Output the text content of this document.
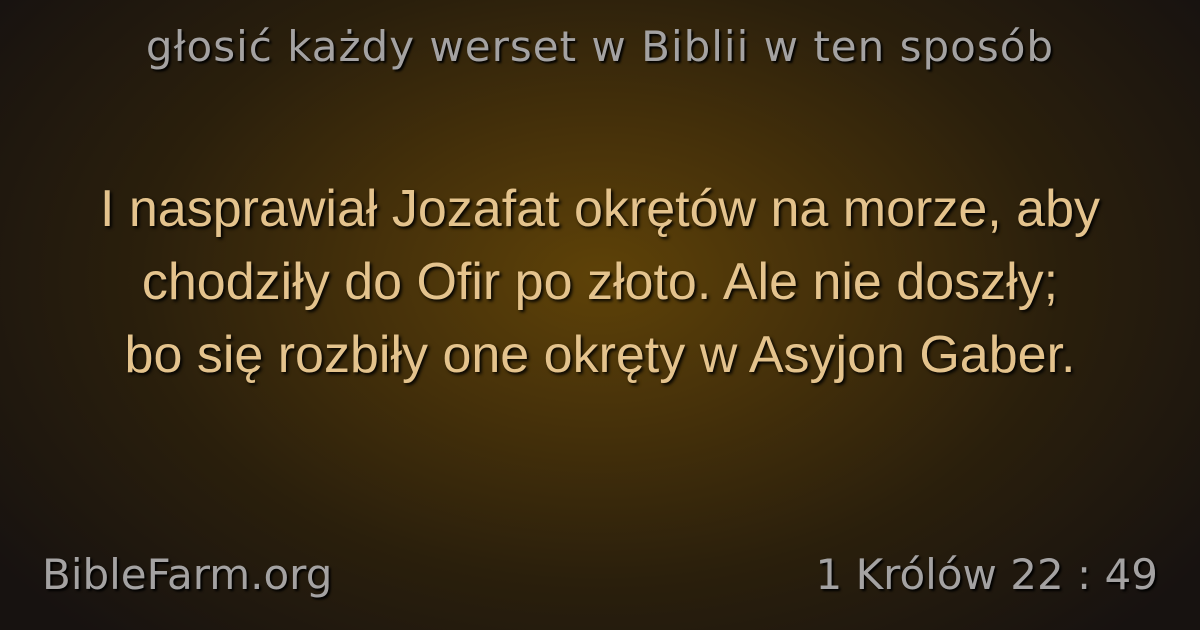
głosić każdy werset w Biblii w ten sposób
I nasprawiał Jozafat okrętów na morze, aby
chodziły do Ofir po złoto. Ale nie doszły;
bo się rozbiły one okręty w Asyjon Gaber.
BibleFarm.org	1 Królów 22 : 49
